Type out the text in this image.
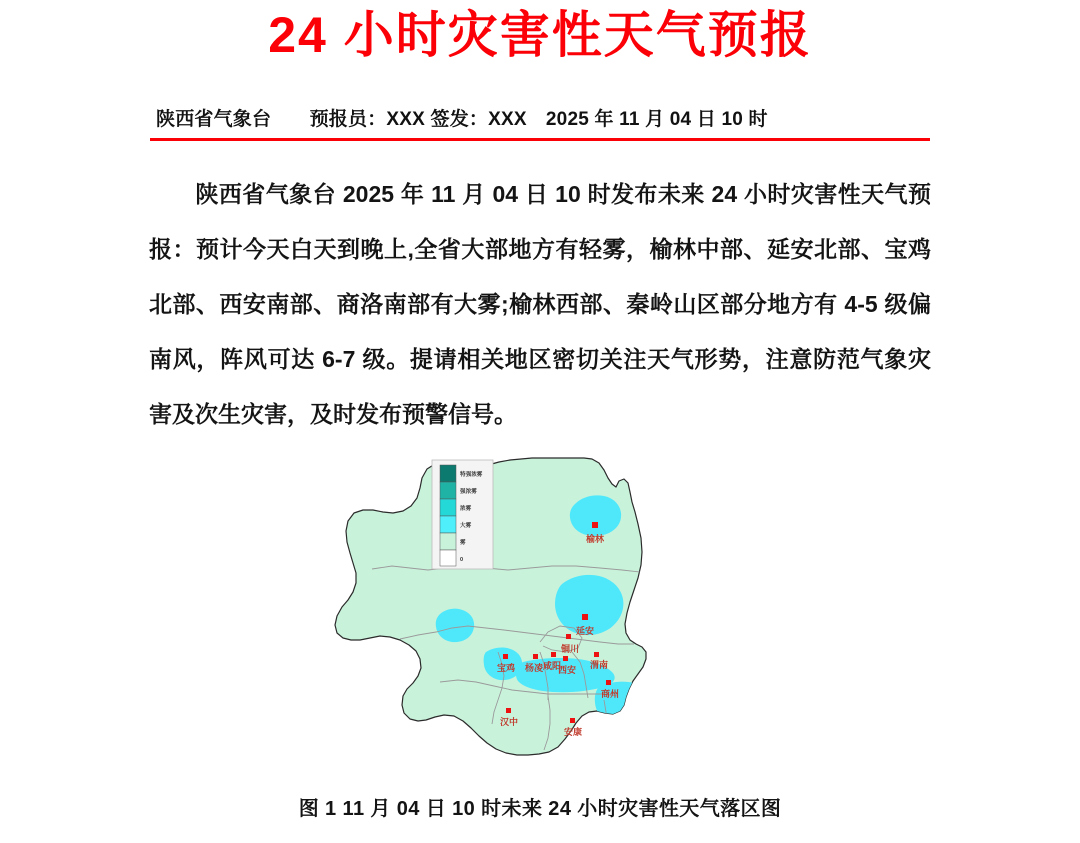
24 小时灾害性天气预报
陕西省气象台　　预报员：XXX 签发：XXX　2025 年 11 月 04 日 10 时
陕西省气象台 2025 年 11 月 04 日 10 时发布未来 24 小时灾害性天气预报：预计今天白天到晚上,全省大部地方有轻雾，榆林中部、延安北部、宝鸡北部、西安南部、商洛南部有大雾;榆林西部、秦岭山区部分地方有 4-5 级偏南风，阵风可达 6-7 级。提请相关地区密切关注天气形势，注意防范气象灾害及次生灾害，及时发布预警信号。
榆林
延安
铜川
渭南
西安
咸阳
杨凌
宝鸡
商州
汉中
安康
特强浓雾
强浓雾
浓雾
大雾
雾
0
图 1 11 月 04 日 10 时未来 24 小时灾害性天气落区图
